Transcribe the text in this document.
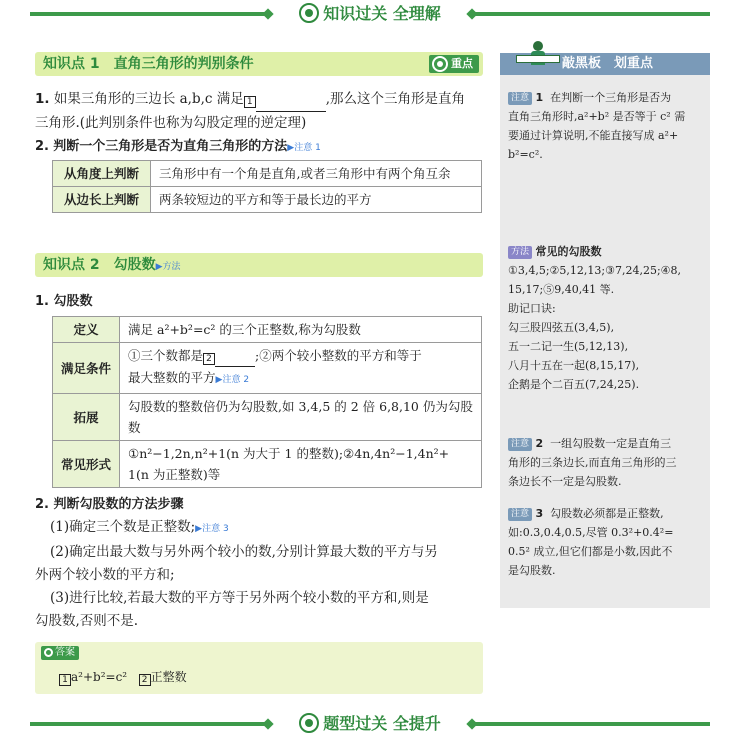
知识过关 全理解
知识点 1　直角三角形的判别条件	重点
1. 如果三角形的三边长 a,b,c 满足 1	,那么这个三角形是直角
三角形.(此判别条件也称为勾股定理的逆定理)
2. 判断一个三角形是否为直角三角形的方法▶注意 1
从角度上判断	三角形中有一个角是直角,或者三角形中有两个角互余
从边长上判断	两条较短边的平方和等于最长边的平方
知识点 2　勾股数▶方法
1. 勾股数
定义	满足 a²+b²=c² 的三个正整数,称为勾股数
满足条件	①三个数都是 2 ;②两个较小整数的平方和等于
最大整数的平方▶注意 2
拓展	勾股数的整数倍仍为勾股数,如 3,4,5 的 2 倍 6,8,10 仍为勾股数
常见形式	①n²−1,2n,n²+1(n 为大于 1 的整数);②4n,4n²−1,4n²+
1(n 为正整数)等
2. 判断勾股数的方法步骤
(1)确定三个数是正整数;▶注意 3
(2)确定出最大数与另外两个较小的数,分别计算最大数的平方与另
外两个较小数的平方和;
(3)进行比较,若最大数的平方等于另外两个较小数的平方和,则是
勾股数,否则不是.
答案
1 a²+b²=c² 2 正整数
敲黑板　划重点
注意 1 在判断一个三角形是否为
直角三角形时,a²+b² 是否等于 c² 需
要通过计算说明,不能直接写成 a²+
b²=c².
方法 常见的勾股数
①3,4,5;②5,12,13;③7,24,25;④8,
15,17;⑤9,40,41 等.
助记口诀:
勾三股四弦五(3,4,5),
五一二记一生(5,12,13),
八月十五在一起(8,15,17),
企鹅是个二百五(7,24,25).
注意 2 一组勾股数一定是直角三
角形的三条边长,而直角三角形的三
条边长不一定是勾股数.
注意 3 勾股数必须都是正整数,
如:0.3,0.4,0.5,尽管 0.3²+0.4²=
0.5² 成立,但它们都是小数,因此不
是勾股数.
题型过关 全提升
